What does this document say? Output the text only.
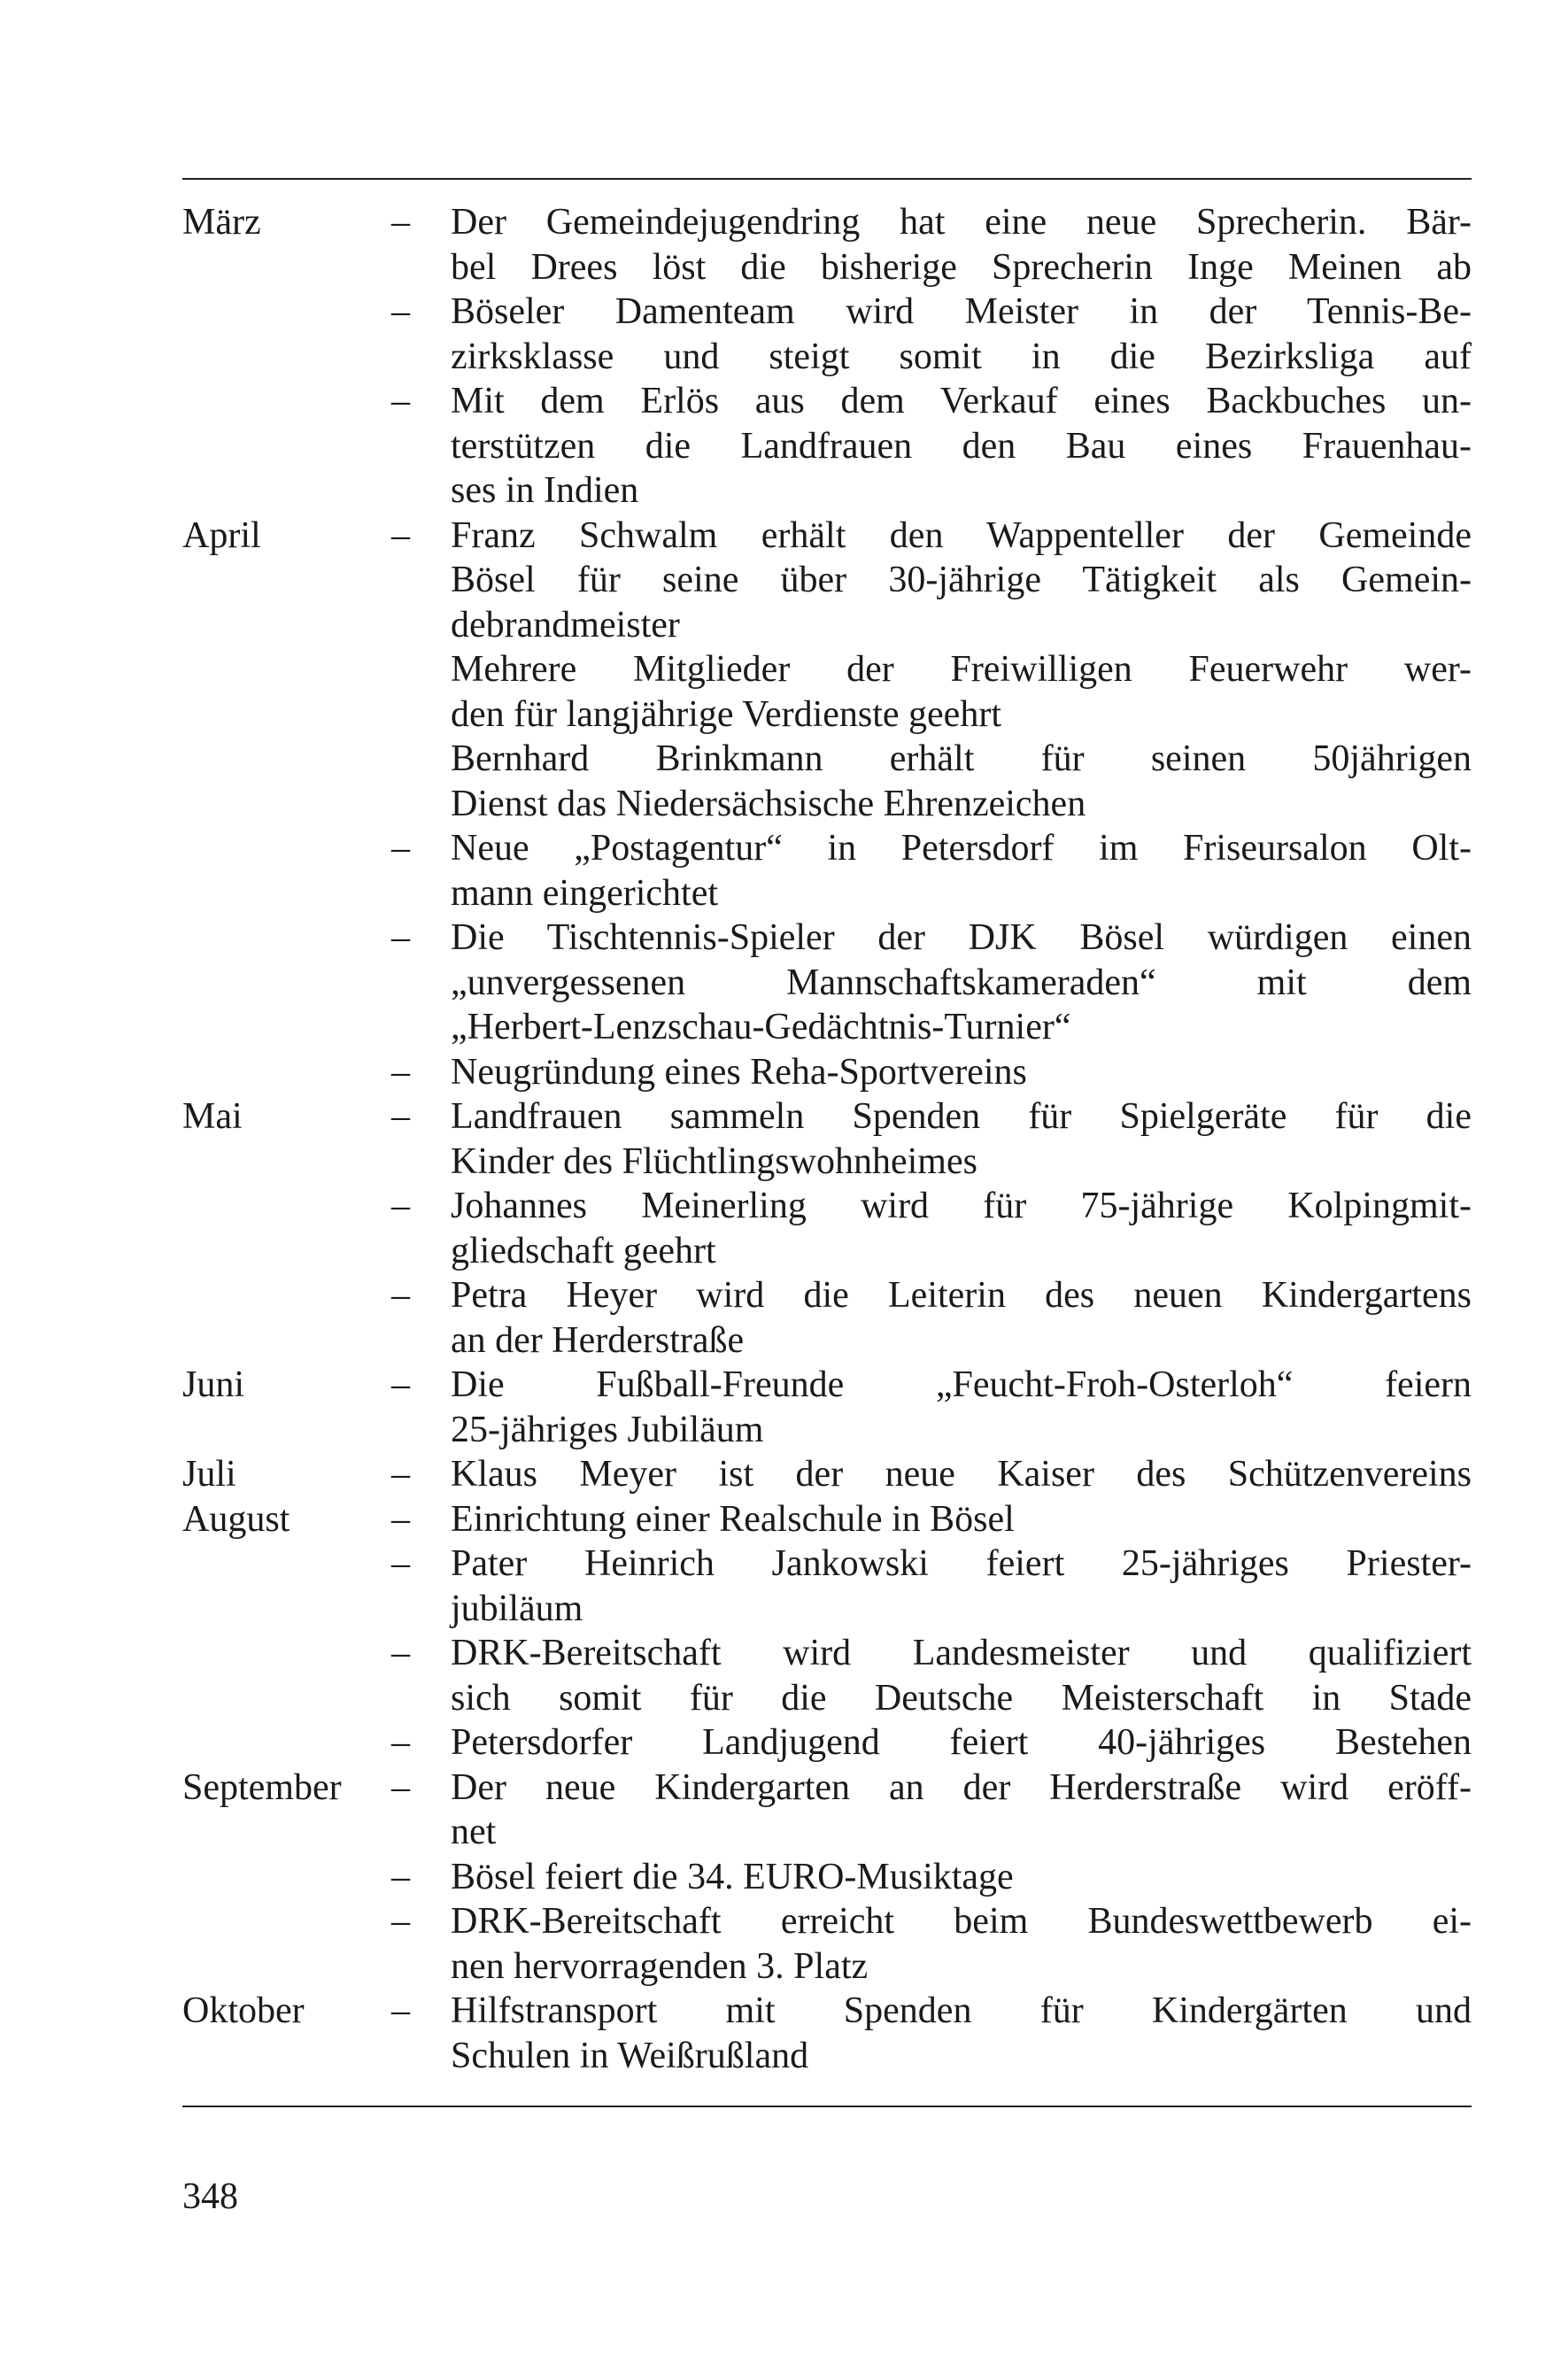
März	– Der Gemeindejugendring hat eine neue Sprecherin. Bär-
bel Drees löst die bisherige Sprecherin Inge Meinen ab
– Böseler Damenteam wird Meister in der Tennis-Be-
zirksklasse und steigt somit in die Bezirksliga auf
– Mit dem Erlös aus dem Verkauf eines Backbuches un-
terstützen die Landfrauen den Bau eines Frauenhau-
ses in Indien
April	– Franz Schwalm erhält den Wappenteller der Gemeinde
Bösel für seine über 30-jährige Tätigkeit als Gemein-
debrandmeister
Mehrere Mitglieder der Freiwilligen Feuerwehr wer-
den für langjährige Verdienste geehrt
Bernhard Brinkmann erhält für seinen 50jährigen
Dienst das Niedersächsische Ehrenzeichen
– Neue „Postagentur“ in Petersdorf im Friseursalon Olt-
mann eingerichtet
– Die Tischtennis-Spieler der DJK Bösel würdigen einen
„unvergessenen Mannschaftskameraden“ mit dem
„Herbert-Lenzschau-Gedächtnis-Turnier“
– Neugründung eines Reha-Sportvereins
Mai	– Landfrauen sammeln Spenden für Spielgeräte für die
Kinder des Flüchtlingswohnheimes
– Johannes Meinerling wird für 75-jährige Kolpingmit-
gliedschaft geehrt
– Petra Heyer wird die Leiterin des neuen Kindergartens
an der Herderstraße
Juni	– Die Fußball-Freunde „Feucht-Froh-Osterloh“ feiern
25-jähriges Jubiläum
Juli	– Klaus Meyer ist der neue Kaiser des Schützenvereins
August	– Einrichtung einer Realschule in Bösel
– Pater Heinrich Jankowski feiert 25-jähriges Priester-
jubiläum
– DRK-Bereitschaft wird Landesmeister und qualifiziert
sich somit für die Deutsche Meisterschaft in Stade
– Petersdorfer Landjugend feiert 40-jähriges Bestehen
September – Der neue Kindergarten an der Herderstraße wird eröff-
net
– Bösel feiert die 34. EURO-Musiktage
– DRK-Bereitschaft erreicht beim Bundeswettbewerb ei-
nen hervorragenden 3. Platz
Oktober – Hilfstransport mit Spenden für Kindergärten und
Schulen in Weißrußland
348
